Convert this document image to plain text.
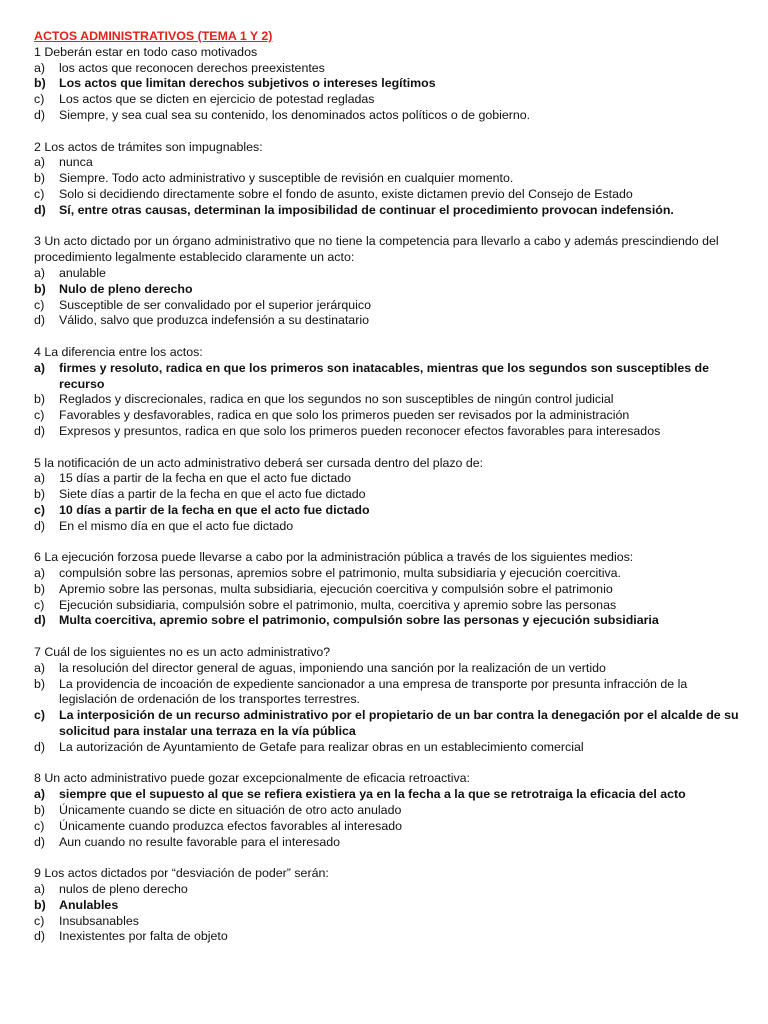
ACTOS ADMINISTRATIVOS (TEMA 1 Y 2)
1 Deberán estar en todo caso motivados
a)	los actos que reconocen derechos preexistentes
b)	Los actos que limitan derechos subjetivos o intereses legítimos
c)	Los actos que se dicten en ejercicio de potestad regladas
d)	Siempre, y sea cual sea su contenido, los denominados actos políticos o de gobierno.
2 Los actos de trámites son impugnables:
a)	nunca
b)	Siempre. Todo acto administrativo y susceptible de revisión en cualquier momento.
c)	Solo si decidiendo directamente sobre el fondo de asunto, existe dictamen previo del Consejo de Estado
d)	Sí, entre otras causas, determinan la imposibilidad de continuar el procedimiento provocan indefensión.
3 Un acto dictado por un órgano administrativo que no tiene la competencia para llevarlo a cabo y además prescindiendo del procedimiento legalmente establecido claramente un acto:
a)	anulable
b)	Nulo de pleno derecho
c)	Susceptible de ser convalidado por el superior jerárquico
d)	Válido, salvo que produzca indefensión a su destinatario
4 La diferencia entre los actos:
a)	firmes y resoluto, radica en que los primeros son inatacables, mientras que los segundos son susceptibles de recurso
b)	Reglados y discrecionales, radica en que los segundos no son susceptibles de ningún control judicial
c)	Favorables y desfavorables, radica en que solo los primeros pueden ser revisados por la administración
d)	Expresos y presuntos, radica en que solo los primeros pueden reconocer efectos favorables para interesados
5 la notificación de un acto administrativo deberá ser cursada dentro del plazo de:
a)	15 días a partir de la fecha en que el acto fue dictado
b)	Siete días a partir de la fecha en que el acto fue dictado
c)	10 días a partir de la fecha en que el acto fue dictado
d)	En el mismo día en que el acto fue dictado
6 La ejecución forzosa puede llevarse a cabo por la administración pública a través de los siguientes medios:
a)	compulsión sobre las personas, apremios sobre el patrimonio, multa subsidiaria y ejecución coercitiva.
b)	Apremio sobre las personas, multa subsidiaria, ejecución coercitiva y compulsión sobre el patrimonio
c)	Ejecución subsidiaria, compulsión sobre el patrimonio, multa, coercitiva y apremio sobre las personas
d)	Multa coercitiva, apremio sobre el patrimonio, compulsión sobre las personas y ejecución subsidiaria
7 Cuál de los siguientes no es un acto administrativo?
a)	la resolución del director general de aguas, imponiendo una sanción por la realización de un vertido
b)	La providencia de incoación de expediente sancionador a una empresa de transporte por presunta infracción de la legislación de ordenación de los transportes terrestres.
c)	La interposición de un recurso administrativo por el propietario de un bar contra la denegación por el alcalde de su solicitud para instalar una terraza en la vía pública
d)	La autorización de Ayuntamiento de Getafe para realizar obras en un establecimiento comercial
8 Un acto administrativo puede gozar excepcionalmente de eficacia retroactiva:
a)	siempre que el supuesto al que se refiera existiera ya en la fecha a la que se retrotraiga la eficacia del acto
b)	Únicamente cuando se dicte en situación de otro acto anulado
c)	Únicamente cuando produzca efectos favorables al interesado
d)	Aun cuando no resulte favorable para el interesado
9 Los actos dictados por “desviación de poder” serán:
a)	nulos de pleno derecho
b)	Anulables
c)	Insubsanables
d)	Inexistentes por falta de objeto
